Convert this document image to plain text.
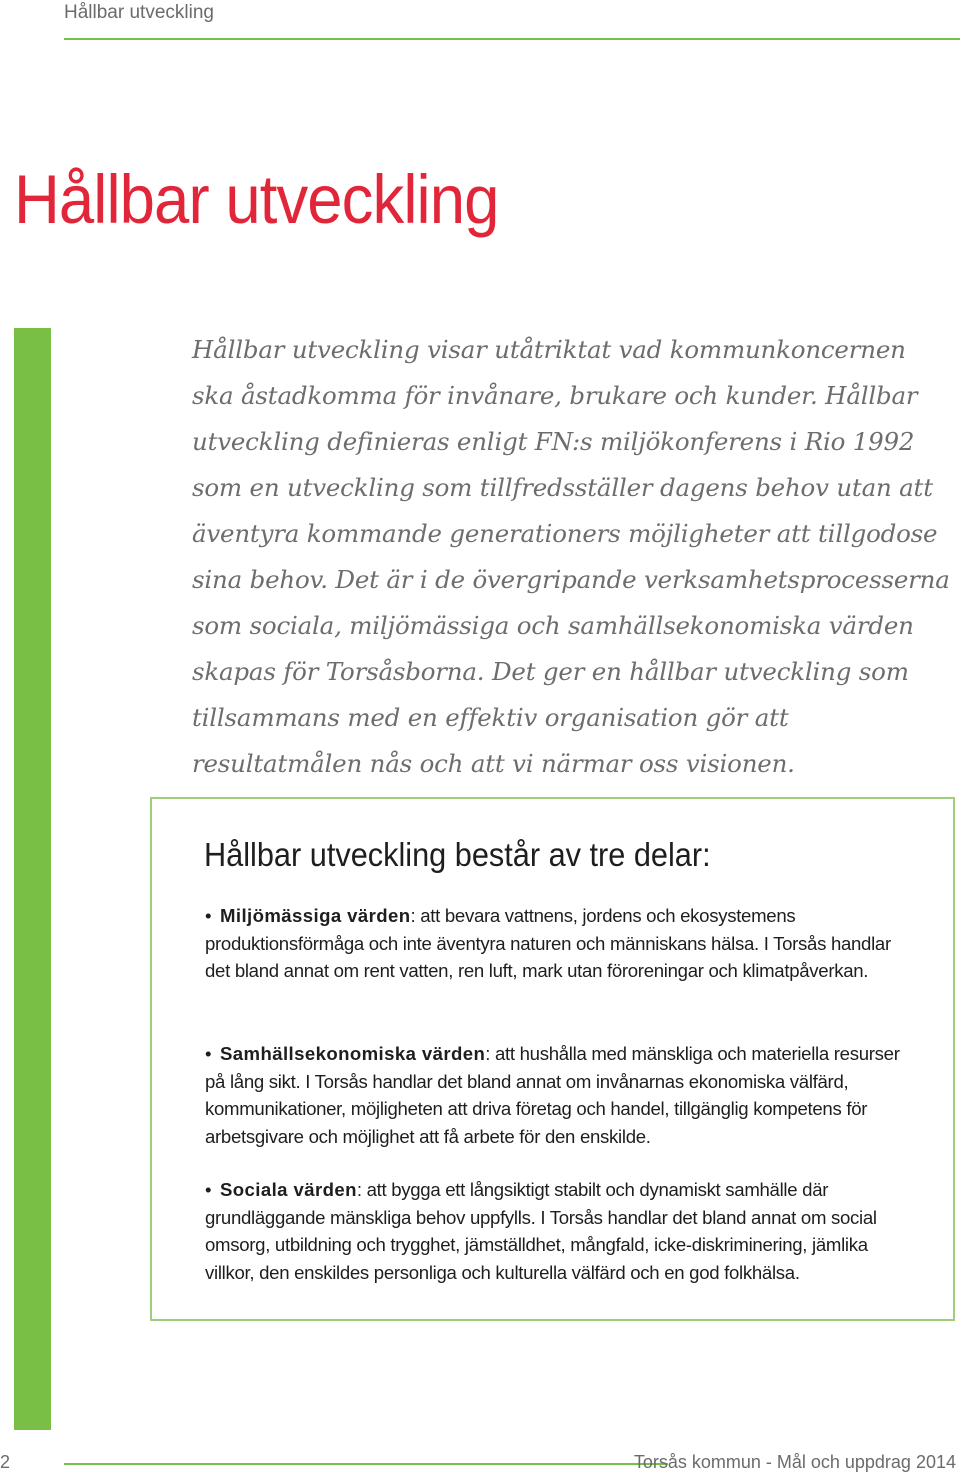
Hållbar utveckling
Hållbar utveckling

Hållbar utveckling visar utåtriktat vad kommunkoncernen ska åstadkomma för invånare, brukare och kunder. Hållbar utveckling definieras enligt FN:s miljökonferens i Rio 1992 som en utveckling som tillfredsställer dagens behov utan att äventyra kommande generationers möjligheter att tillgodose sina behov. Det är i de övergripande verksamhetsprocesserna som sociala, miljömässiga och samhällsekonomiska värden skapas för Torsåsborna. Det ger en hållbar utveckling som tillsammans med en effektiv organisation gör att resultatmålen nås och att vi närmar oss visionen.

Hållbar utveckling består av tre delar:

• Miljömässiga värden: att bevara vattnens, jordens och ekosystemens produktionsförmåga och inte äventyra naturen och människans hälsa. I Torsås handlar det bland annat om rent vatten, ren luft, mark utan föroreningar och klimatpåverkan.

• Samhällsekonomiska värden: att hushålla med mänskliga och materiella resurser på lång sikt. I Torsås handlar det bland annat om invånarnas ekonomiska välfärd, kommunikationer, möjligheten att driva företag och handel, tillgänglig kompetens för arbetsgivare och möjlighet att få arbete för den enskilde.

• Sociala värden: att bygga ett långsiktigt stabilt och dynamiskt samhälle där grundläggande mänskliga behov uppfylls. I Torsås handlar det bland annat om social omsorg, utbildning och trygghet, jämställdhet, mångfald, icke-diskriminering, jämlika villkor, den enskildes personliga och kulturella välfärd och en god folkhälsa.

2	Torsås kommun - Mål och uppdrag 2014
